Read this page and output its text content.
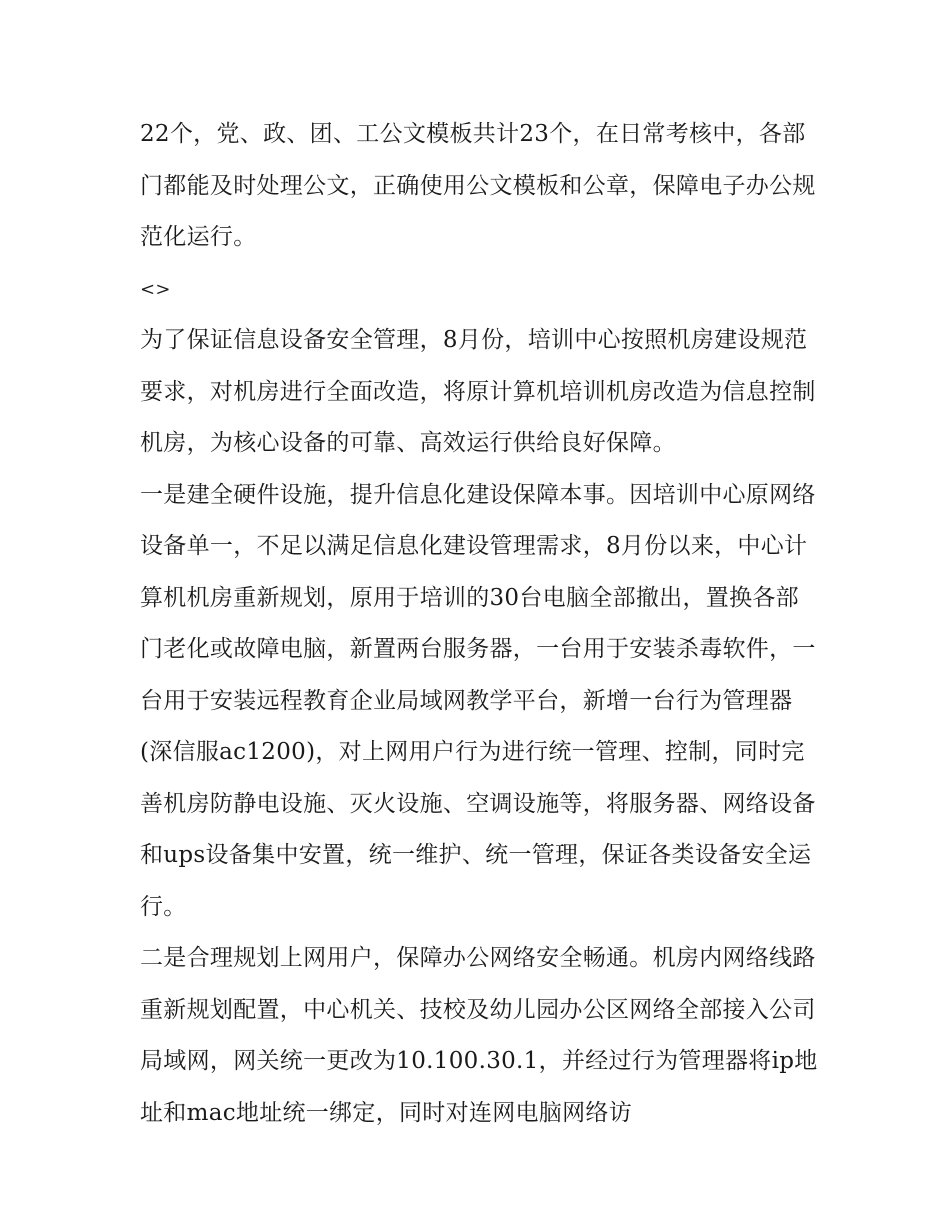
22个，党、政、团、工公文模板共计23个，在日常考核中，各部门都能及时处理公文，正确使用公文模板和公章，保障电子办公规范化运行。

<>

为了保证信息设备安全管理，8月份，培训中心按照机房建设规范要求，对机房进行全面改造，将原计算机培训机房改造为信息控制机房，为核心设备的可靠、高效运行供给良好保障。

一是建全硬件设施，提升信息化建设保障本事。因培训中心原网络设备单一，不足以满足信息化建设管理需求，8月份以来，中心计算机机房重新规划，原用于培训的30台电脑全部撤出，置换各部门老化或故障电脑，新置两台服务器，一台用于安装杀毒软件，一台用于安装远程教育企业局域网教学平台，新增一台行为管理器(深信服ac1200)，对上网用户行为进行统一管理、控制，同时完善机房防静电设施、灭火设施、空调设施等，将服务器、网络设备和ups设备集中安置，统一维护、统一管理，保证各类设备安全运行。

二是合理规划上网用户，保障办公网络安全畅通。机房内网络线路重新规划配置，中心机关、技校及幼儿园办公区网络全部接入公司局域网，网关统一更改为10.100.30.1，并经过行为管理器将ip地址和mac地址统一绑定，同时对连网电脑网络访
